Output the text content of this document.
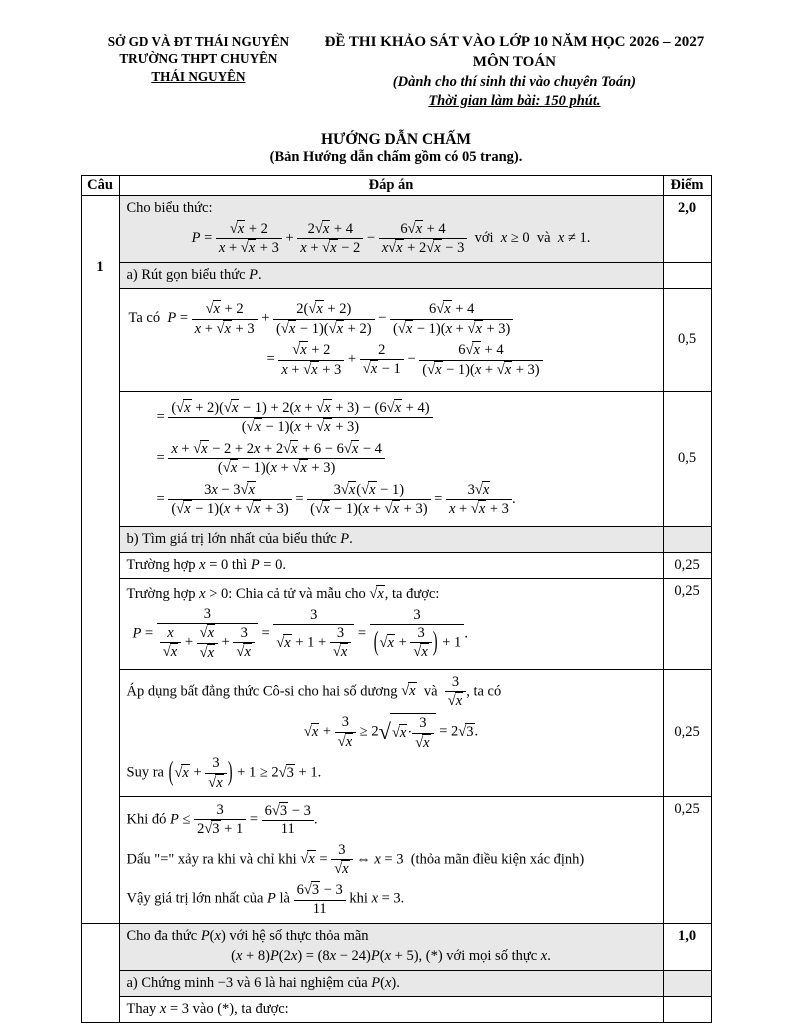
SỞ GD VÀ ĐT THÁI NGUYÊN
TRƯỜNG THPT CHUYÊN
THÁI NGUYÊN
ĐỀ THI KHẢO SÁT VÀO LỚP 10 NĂM HỌC 2026 – 2027
MÔN TOÁN
(Dành cho thí sinh thi vào chuyên Toán)
Thời gian làm bài: 150 phút.
HƯỚNG DẪN CHẤM
(Bản Hướng dẫn chấm gồm có 05 trang).
Câu	Đáp án	Điểm

1

Cho biểu thức:
$P = \frac{√x + 2}{x + √x + 3} + \frac{2√x + 4}{x + √x - 2} - \frac{6√x + 4}{x√x + 2√x - 3}$ với  x ≥ 0  và  x ≠ 1.
	2,0

	a) Rút gọn biểu thức P.	

Ta có  $P = \frac{√x + 2}{x + √x + 3} + \frac{2(√x + 2)}{(√x - 1)(√x + 2)} - \frac{6√x + 4}{(√x - 1)(x + √x + 3)}$
= $\frac{√x + 2}{x + √x + 3} + \frac{2}{√x - 1} - \frac{6√x + 4}{(√x - 1)(x + √x + 3)}$
	0,5

= $\frac{(√x + 2)(√x - 1) + 2(x + √x + 3) - (6√x + 4)}{(√x - 1)(x + √x + 3)}$
= $\frac{x + √x - 2 + 2x + 2√x + 6 - 6√x - 4}{(√x - 1)(x + √x + 3)}$
= $\frac{3x - 3√x}{(√x - 1)(x + √x + 3)} = \frac{3√x(√x - 1)}{(√x - 1)(x + √x + 3)} = \frac{3√x}{x + √x + 3}$ .
	0,5

	b) Tìm giá trị lớn nhất của biểu thức P.	

	Trường hợp x = 0 thì P = 0.	0,25

Trường hợp x > 0: Chia cả tử và mẫu cho √x, ta được:
$P = \frac{3}{\frac{x}{√x} + \frac{√x}{√x} + \frac{3}{√x}} = \frac{3}{√x + 1 + \frac{3}{√x}} = \frac{3}{(√x + \frac{3}{√x} ) + 1}$ .
	0,25

Áp dụng bất đẳng thức Cô-si cho hai số dương √x  và $\frac{3}{√x}$ , ta có
$√x + \frac{3}{√x} \ge 2√√x\cdot \frac{3}{√x} = 2√3$.
Suy ra ($√x + \frac{3}{√x}$ ) + 1 ≥ 2√3 + 1.
	0,25

Khi đó $P \le \frac{3}{2√3 + 1} = \frac{6√3 - 3}{11}$ .
Dấu "=" xảy ra khi và chỉ khi $√x = \frac{3}{√x}$ ⇔ x = 3  (thỏa mãn điều kiện xác định)
Vậy giá trị lớn nhất của P là $\frac{6√3 - 3}{11}$ khi x = 3.
	0,25

	Cho đa thức P(x) với hệ số thực thỏa mãn
(x + 8)P(2x) = (8x − 24)P(x + 5), (*) với mọi số thực x.	1,0

	a) Chứng minh −3 và 6 là hai nghiệm của P(x).	

	Thay x = 3 vào (*), ta được:	
